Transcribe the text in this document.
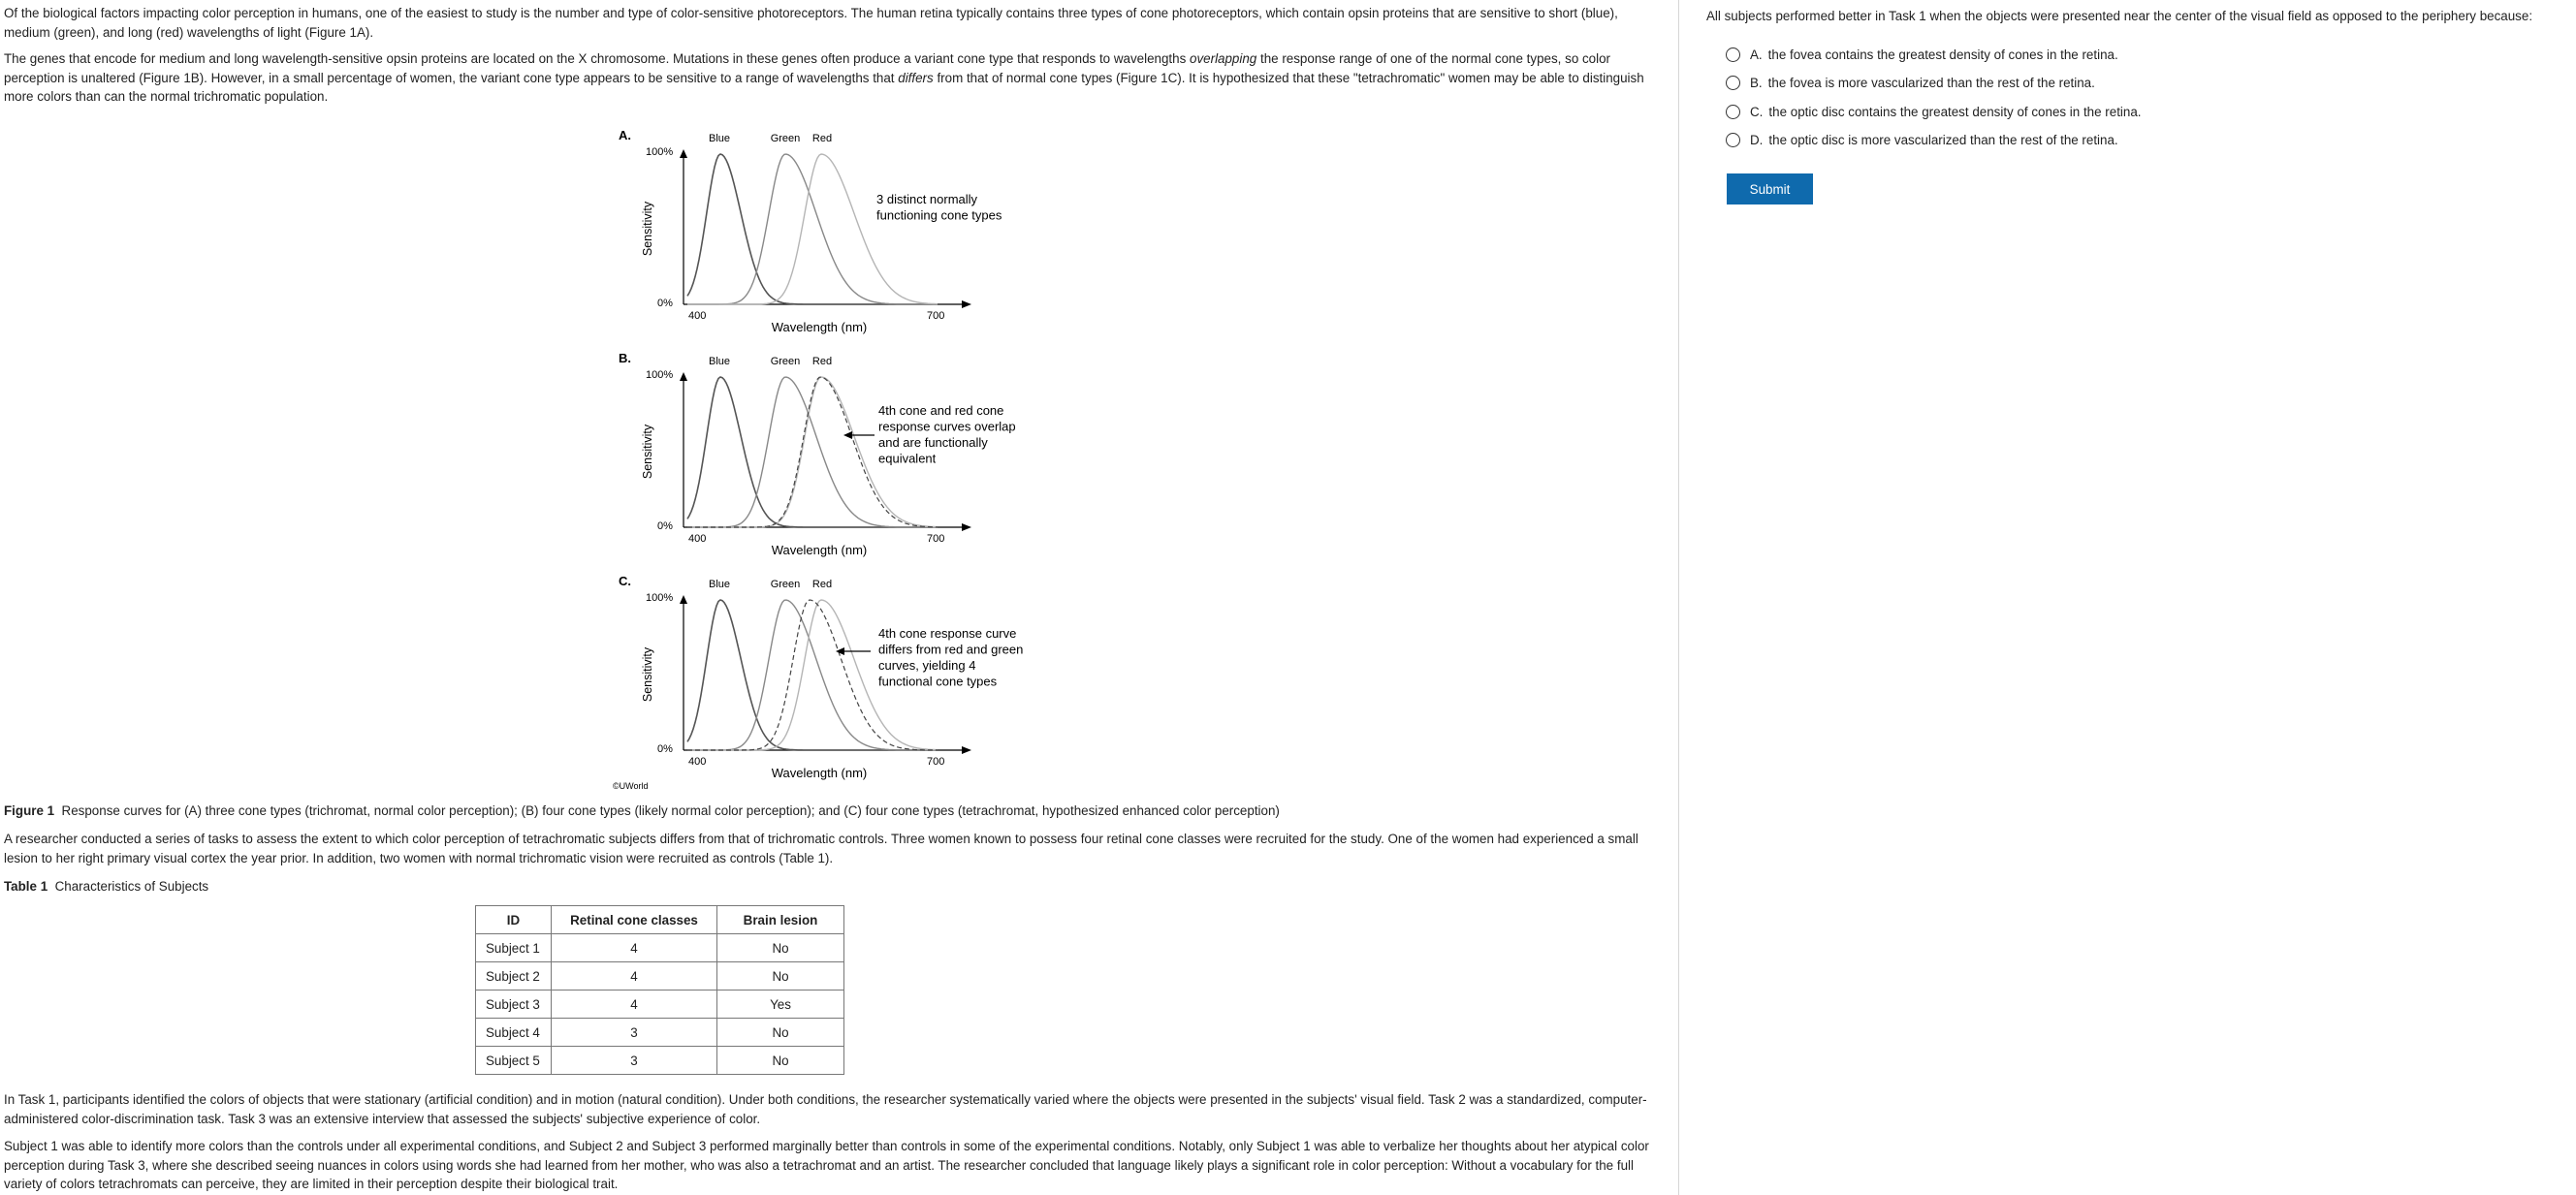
Of the biological factors impacting color perception in humans, one of the easiest to study is the number and type of color-sensitive photoreceptors. The human retina typically contains three types of cone photoreceptors, which contain opsin proteins that are sensitive to short (blue), medium (green), and long (red) wavelengths of light (Figure 1A).

The genes that encode for medium and long wavelength-sensitive opsin proteins are located on the X chromosome. Mutations in these genes often produce a variant cone type that responds to wavelengths overlapping the response range of one of the normal cone types, so color perception is unaltered (Figure 1B). However, in a small percentage of women, the variant cone type appears to be sensitive to a range of wavelengths that differs from that of normal cone types (Figure 1C). It is hypothesized that these "tetrachromatic" women may be able to distinguish more colors than can the normal trichromatic population.

A.
100%
0%
Sensitivity
400	700
Wavelength (nm)
Blue	Green Red
3 distinct normally
functioning cone types
B.
100%
0%
Sensitivity
400	700
Wavelength (nm)
Blue	Green Red
4th cone and red cone
response curves overlap
and are functionally
equivalent
C.
100%
0%
Sensitivity
400	700
Wavelength (nm)
Blue	Green Red
4th cone response curve
differs from red and green
curves, yielding 4
functional cone types
©UWorld

Figure 1 Response curves for (A) three cone types (trichromat, normal color perception); (B) four cone types (likely normal color perception); and (C) four cone types (tetrachromat, hypothesized enhanced color perception)

A researcher conducted a series of tasks to assess the extent to which color perception of tetrachromatic subjects differs from that of trichromatic controls. Three women known to possess four retinal cone classes were recruited for the study. One of the women had experienced a small lesion to her right primary visual cortex the year prior. In addition, two women with normal trichromatic vision were recruited as controls (Table 1).

Table 1 Characteristics of Subjects

ID	Retinal cone classes	Brain lesion
Subject 1	4	No
Subject 2	4	No
Subject 3	4	Yes
Subject 4	3	No
Subject 5	3	No

In Task 1, participants identified the colors of objects that were stationary (artificial condition) and in motion (natural condition). Under both conditions, the researcher systematically varied where the objects were presented in the subjects' visual field. Task 2 was a standardized, computer-administered color-discrimination task. Task 3 was an extensive interview that assessed the subjects' subjective experience of color.

Subject 1 was able to identify more colors than the controls under all experimental conditions, and Subject 2 and Subject 3 performed marginally better than controls in some of the experimental conditions. Notably, only Subject 1 was able to verbalize her thoughts about her atypical color perception during Task 3, where she described seeing nuances in colors using words she had learned from her mother, who was also a tetrachromat and an artist. The researcher concluded that language likely plays a significant role in color perception: Without a vocabulary for the full variety of colors tetrachromats can perceive, they are limited in their perception despite their biological trait.

All subjects performed better in Task 1 when the objects were presented near the center of the visual field as opposed to the periphery because:

A. the fovea contains the greatest density of cones in the retina.
B. the fovea is more vascularized than the rest of the retina.
C. the optic disc contains the greatest density of cones in the retina.
D. the optic disc is more vascularized than the rest of the retina.
Submit
